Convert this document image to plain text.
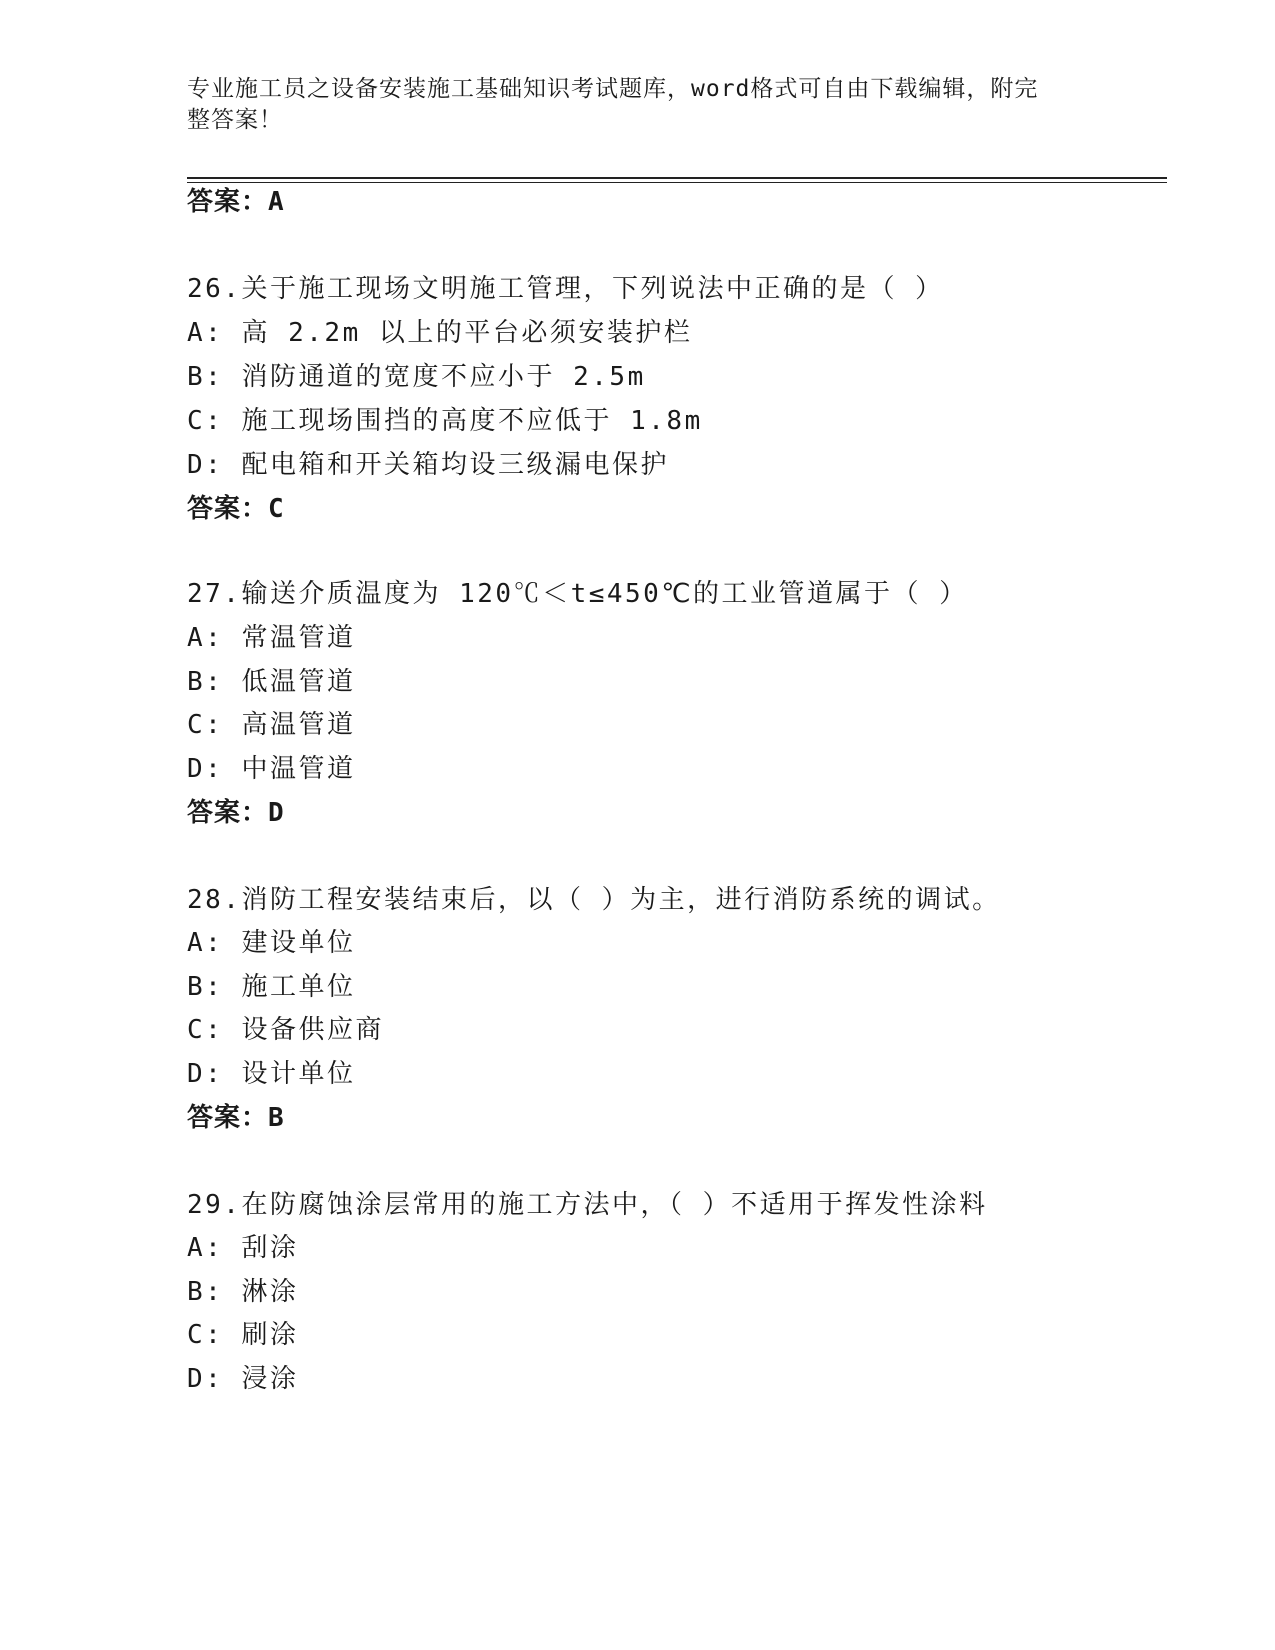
专业施工员之设备安装施工基础知识考试题库，word格式可自由下载编辑，附完
整答案！
答案：A
26.关于施工现场文明施工管理，下列说法中正确的是（ ）
A: 高 2.2m 以上的平台必须安装护栏
B: 消防通道的宽度不应小于 2.5m
C: 施工现场围挡的高度不应低于 1.8m
D: 配电箱和开关箱均设三级漏电保护
答案：C
27.输送介质温度为 120℃＜t≤450℃的工业管道属于（ ）
A: 常温管道
B: 低温管道
C: 高温管道
D: 中温管道
答案：D
28.消防工程安装结束后，以（ ）为主，进行消防系统的调试。
A: 建设单位
B: 施工单位
C: 设备供应商
D: 设计单位
答案：B
29.在防腐蚀涂层常用的施工方法中，（ ）不适用于挥发性涂料
A: 刮涂
B: 淋涂
C: 刷涂
D: 浸涂
